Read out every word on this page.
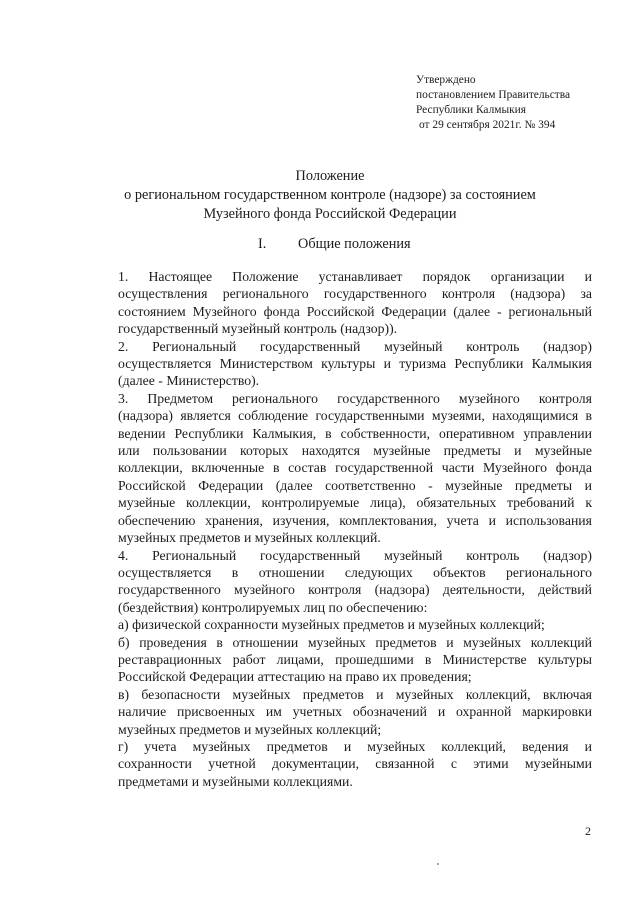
Утверждено
постановлением Правительства
Республики Калмыкия
от 29 сентября 2021г. № 394
Положение
о региональном государственном контроле (надзоре) за состоянием
Музейного фонда Российской Федерации
I. Общие положения

1. Настоящее Положение устанавливает порядок организации и
осуществления регионального государственного контроля (надзора) за
состоянием Музейного фонда Российской Федерации (далее - региональный
государственный музейный контроль (надзор)).

2. Региональный государственный музейный контроль (надзор)
осуществляется Министерством культуры и туризма Республики Калмыкия
(далее - Министерство).

3. Предметом регионального государственного музейного контроля
(надзора) является соблюдение государственными музеями, находящимися в
ведении Республики Калмыкия, в собственности, оперативном управлении
или пользовании которых находятся музейные предметы и музейные
коллекции, включенные в состав государственной части Музейного фонда
Российской Федерации (далее соответственно - музейные предметы и
музейные коллекции, контролируемые лица), обязательных требований к
обеспечению хранения, изучения, комплектования, учета и использования
музейных предметов и музейных коллекций.

4. Региональный государственный музейный контроль (надзор)
осуществляется в отношении следующих объектов регионального
государственного музейного контроля (надзора) деятельности, действий
(бездействия) контролируемых лиц по обеспечению:

а) физической сохранности музейных предметов и музейных коллекций;

б) проведения в отношении музейных предметов и музейных коллекций
реставрационных работ лицами, прошедшими в Министерстве культуры
Российской Федерации аттестацию на право их проведения;

в) безопасности музейных предметов и музейных коллекций, включая
наличие присвоенных им учетных обозначений и охранной маркировки
музейных предметов и музейных коллекций;

г) учета музейных предметов и музейных коллекций, ведения и
сохранности учетной документации, связанной с этими музейными
предметами и музейными коллекциями.

2
